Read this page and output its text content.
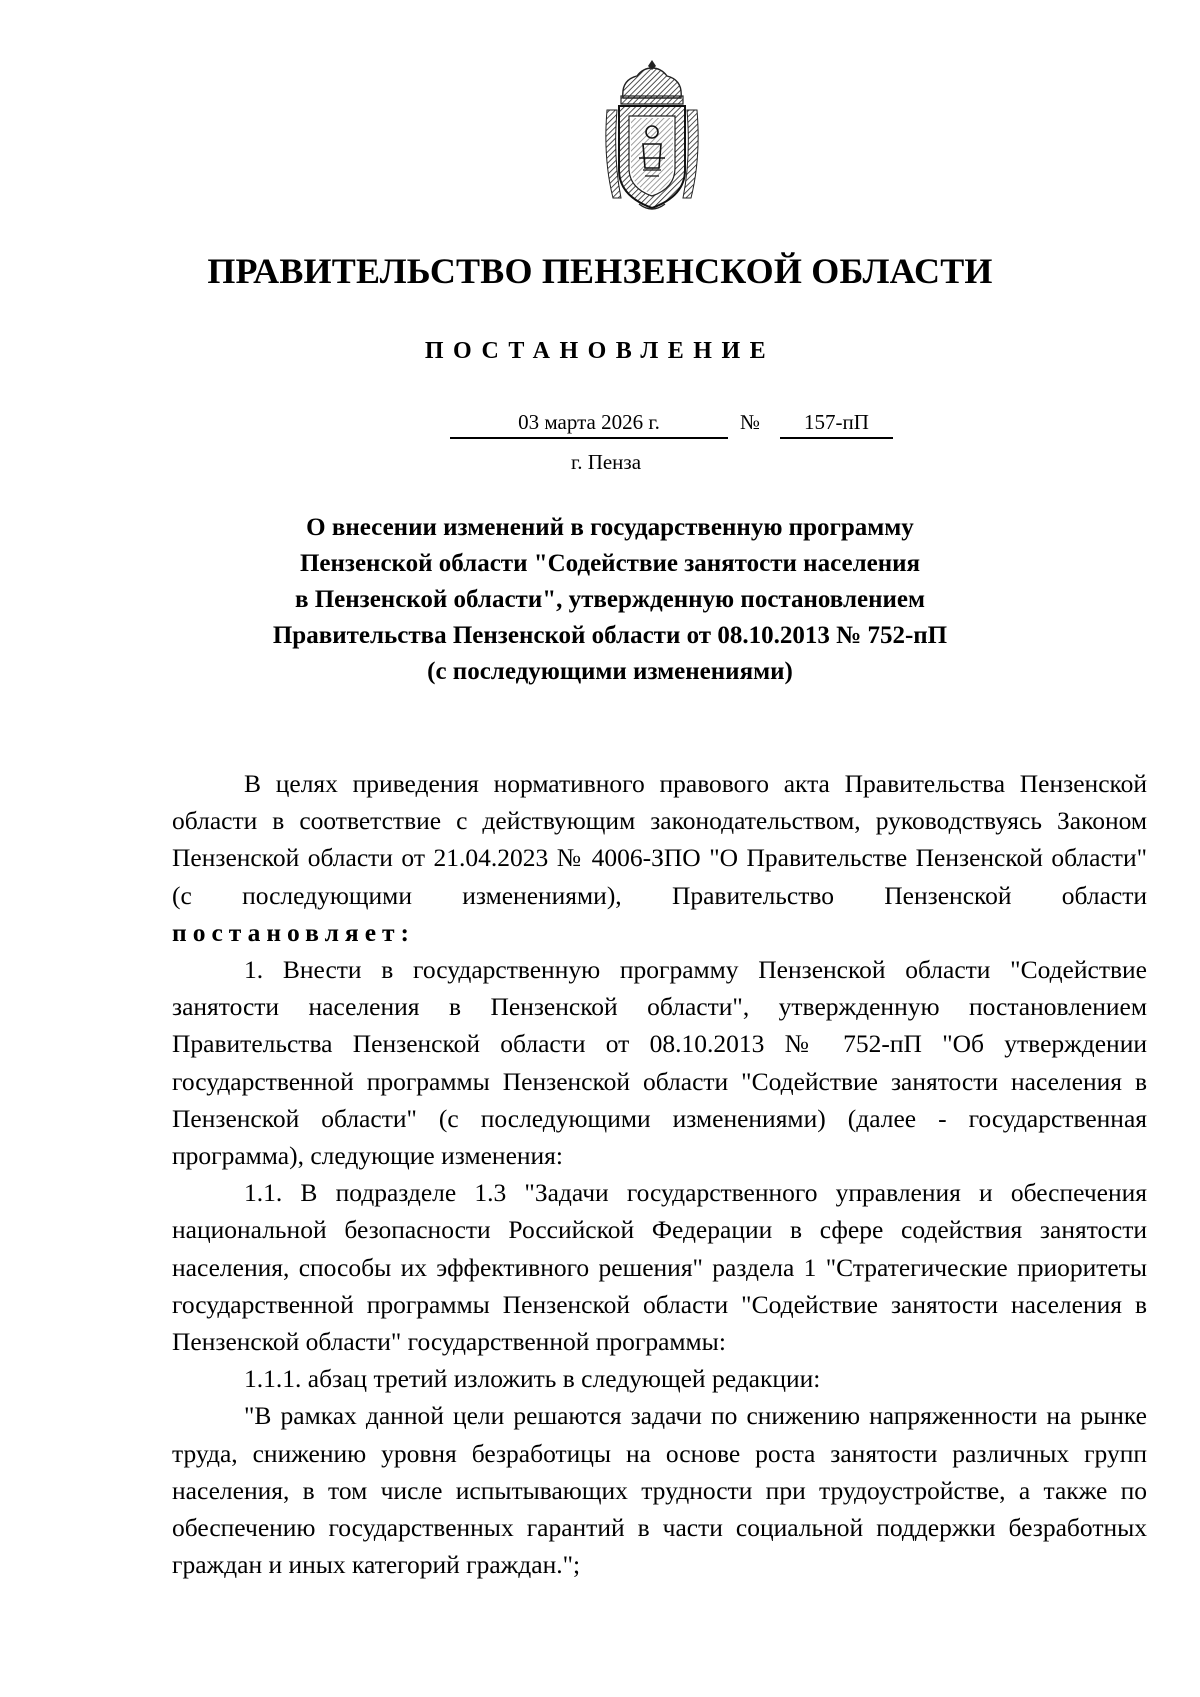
ПРАВИТЕЛЬСТВО ПЕНЗЕНСКОЙ ОБЛАСТИ
ПОСТАНОВЛЕНИЕ
03 марта 2026 г.	№	157-пП
г. Пенза
О внесении изменений в государственную программу
Пензенской области "Содействие занятости населения
в Пензенской области", утвержденную постановлением
Правительства Пензенской области от 08.10.2013 № 752-пП
(с последующими изменениями)

В целях приведения нормативного правового акта Правительства Пензенской области в соответствие с действующим законодательством, руководствуясь Законом Пензенской области от 21.04.2023 № 4006-ЗПО "О Правительстве Пензенской области" (с последующими изменениями), Правительство Пензенской области постановляет:

1. Внести в государственную программу Пензенской области "Содействие занятости населения в Пензенской области", утвержденную постановлением Правительства Пензенской области от 08.10.2013 № 752-пП "Об утверждении государственной программы Пензенской области "Содействие занятости населения в Пензенской области" (с последующими изменениями) (далее - государственная программа), следующие изменения:

1.1. В подразделе 1.3 "Задачи государственного управления и обеспечения национальной безопасности Российской Федерации в сфере содействия занятости населения, способы их эффективного решения" раздела 1 "Стратегические приоритеты государственной программы Пензенской области "Содействие занятости населения в Пензенской области" государственной программы:

1.1.1. абзац третий изложить в следующей редакции:

"В рамках данной цели решаются задачи по снижению напряженности на рынке труда, снижению уровня безработицы на основе роста занятости различных групп населения, в том числе испытывающих трудности при трудоустройстве, а также по обеспечению государственных гарантий в части социальной поддержки безработных граждан и иных категорий граждан.";
